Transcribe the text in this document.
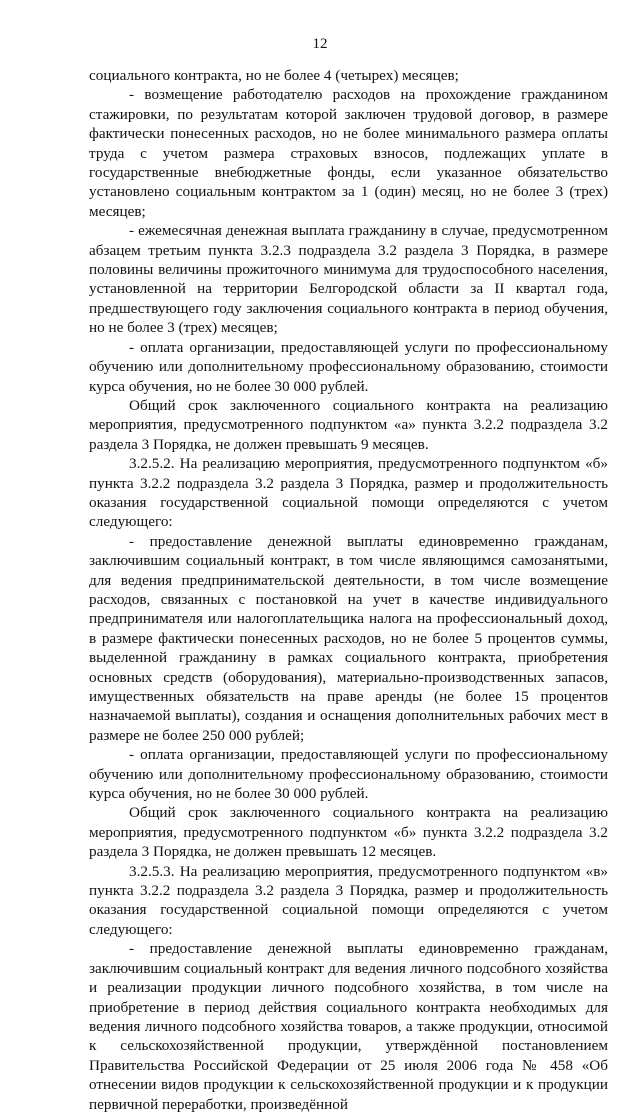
12

социального контракта, но не более 4 (четырех) месяцев;

- возмещение работодателю расходов на прохождение гражданином стажировки, по результатам которой заключен трудовой договор, в размере фактически понесенных расходов, но не более минимального размера оплаты труда с учетом размера страховых взносов, подлежащих уплате в государственные внебюджетные фонды, если указанное обязательство установлено социальным контрактом за 1 (один) месяц, но не более 3 (трех) месяцев;

- ежемесячная денежная выплата гражданину в случае, предусмотренном абзацем третьим пункта 3.2.3 подраздела 3.2 раздела 3 Порядка, в размере половины величины прожиточного минимума для трудоспособного населения, установленной на территории Белгородской области за II квартал года, предшествующего году заключения социального контракта в период обучения, но не более 3 (трех) месяцев;

- оплата организации, предоставляющей услуги по профессиональному обучению или дополнительному профессиональному образованию, стоимости курса обучения, но не более 30 000 рублей.

Общий срок заключенного социального контракта на реализацию мероприятия, предусмотренного подпунктом «а» пункта 3.2.2 подраздела 3.2 раздела 3 Порядка, не должен превышать 9 месяцев.

3.2.5.2. На реализацию мероприятия, предусмотренного подпунктом «б» пункта 3.2.2 подраздела 3.2 раздела 3 Порядка, размер и продолжительность оказания государственной социальной помощи определяются с учетом следующего:

- предоставление денежной выплаты единовременно гражданам, заключившим социальный контракт, в том числе являющимся самозанятыми, для ведения предпринимательской деятельности, в том числе возмещение расходов, связанных с постановкой на учет в качестве индивидуального предпринимателя или налогоплательщика налога на профессиональный доход, в размере фактически понесенных расходов, но не более 5 процентов суммы, выделенной гражданину в рамках социального контракта, приобретения основных средств (оборудования), материально-производственных запасов, имущественных обязательств на праве аренды (не более 15 процентов назначаемой выплаты), создания и оснащения дополнительных рабочих мест в размере не более 250 000 рублей;

- оплата организации, предоставляющей услуги по профессиональному обучению или дополнительному профессиональному образованию, стоимости курса обучения, но не более 30 000 рублей.

Общий срок заключенного социального контракта на реализацию мероприятия, предусмотренного подпунктом «б» пункта 3.2.2 подраздела 3.2 раздела 3 Порядка, не должен превышать 12 месяцев.

3.2.5.3. На реализацию мероприятия, предусмотренного подпунктом «в» пункта 3.2.2 подраздела 3.2 раздела 3 Порядка, размер и продолжительность оказания государственной социальной помощи определяются с учетом следующего:

- предоставление денежной выплаты единовременно гражданам, заключившим социальный контракт для ведения личного подсобного хозяйства и реализации продукции личного подсобного хозяйства, в том числе на приобретение в период действия социального контракта необходимых для ведения личного подсобного хозяйства товаров, а также продукции, относимой к сельскохозяйственной продукции, утверждённой постановлением Правительства Российской Федерации от 25 июля 2006 года № 458 «Об отнесении видов продукции к сельскохозяйственной продукции и к продукции первичной переработки, произведённой
